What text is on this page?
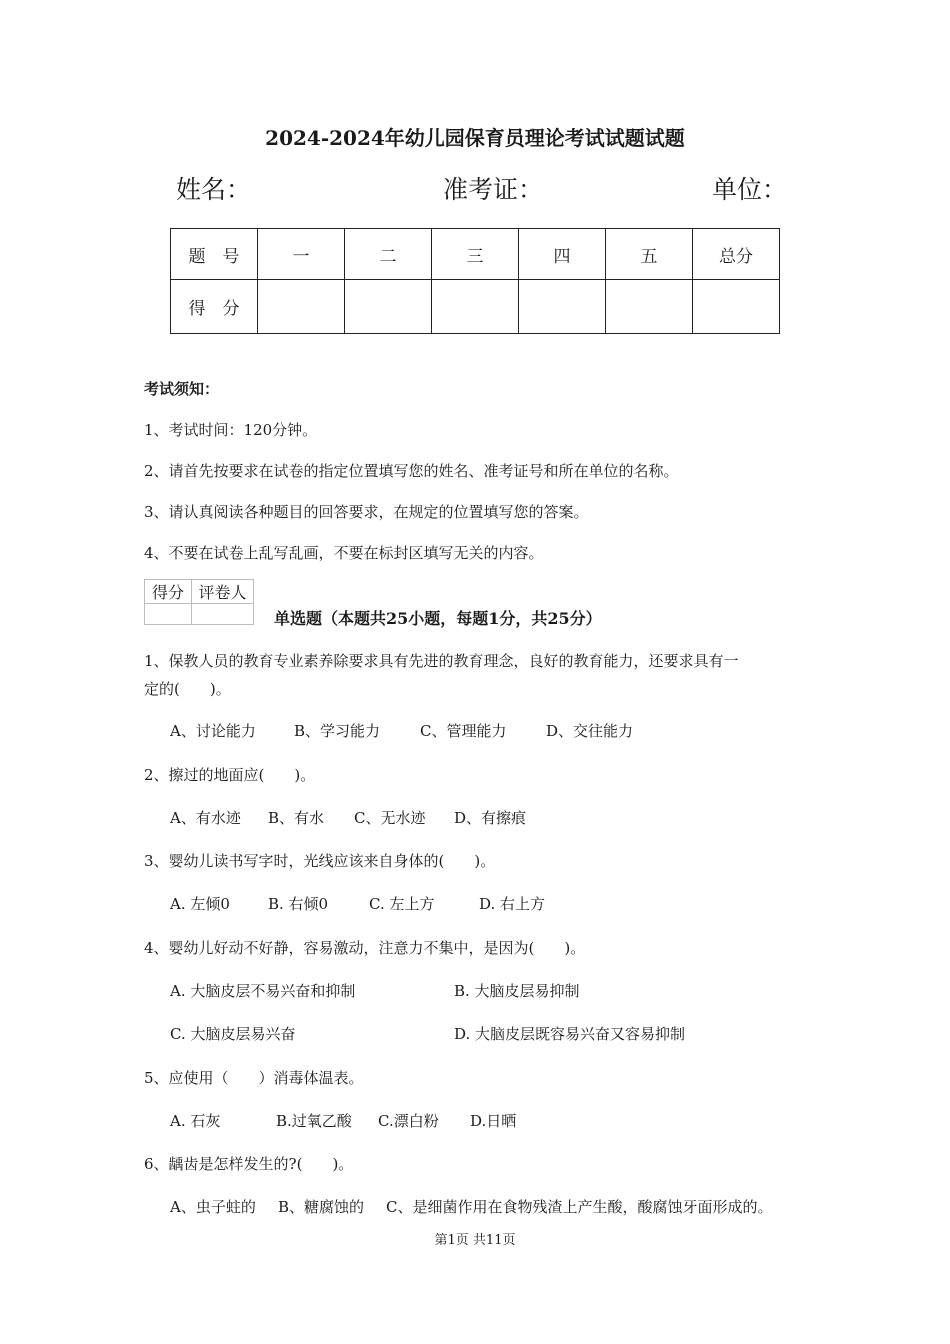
2024-2024年幼儿园保育员理论考试试题试题
姓名：	准考证：	单位：
题　号	一	二	三	四	五	总分
得　分						
考试须知：
1、考试时间：120分钟。
2、请首先按要求在试卷的指定位置填写您的姓名、准考证号和所在单位的名称。
3、请认真阅读各种题目的回答要求，在规定的位置填写您的答案。
4、不要在试卷上乱写乱画，不要在标封区填写无关的内容。
得分	评卷人

单选题（本题共25小题，每题1分，共25分）
1、保教人员的教育专业素养除要求具有先进的教育理念，良好的教育能力，还要求具有一
定的(　　)。
A、讨论能力	B、学习能力	C、管理能力	D、交往能力
2、擦过的地面应(　　)。
A、有水迹 B、有水 C、无水迹 D、有擦痕
3、婴幼儿读书写字时，光线应该来自身体的(　　)。
A. 左倾0	B. 右倾0	C. 左上方	D. 右上方
4、婴幼儿好动不好静，容易激动，注意力不集中，是因为(　　)。
A. 大脑皮层不易兴奋和抑制	B. 大脑皮层易抑制
C. 大脑皮层易兴奋	D. 大脑皮层既容易兴奋又容易抑制
5、应使用（　　）消毒体温表。
A. 石灰	B.过氧乙酸 C.漂白粉 D.日晒
6、龋齿是怎样发生的?(　　)。
A、虫子蛀的 B、糖腐蚀的 C、是细菌作用在食物残渣上产生酸，酸腐蚀牙面形成的。
第1页 共11页
